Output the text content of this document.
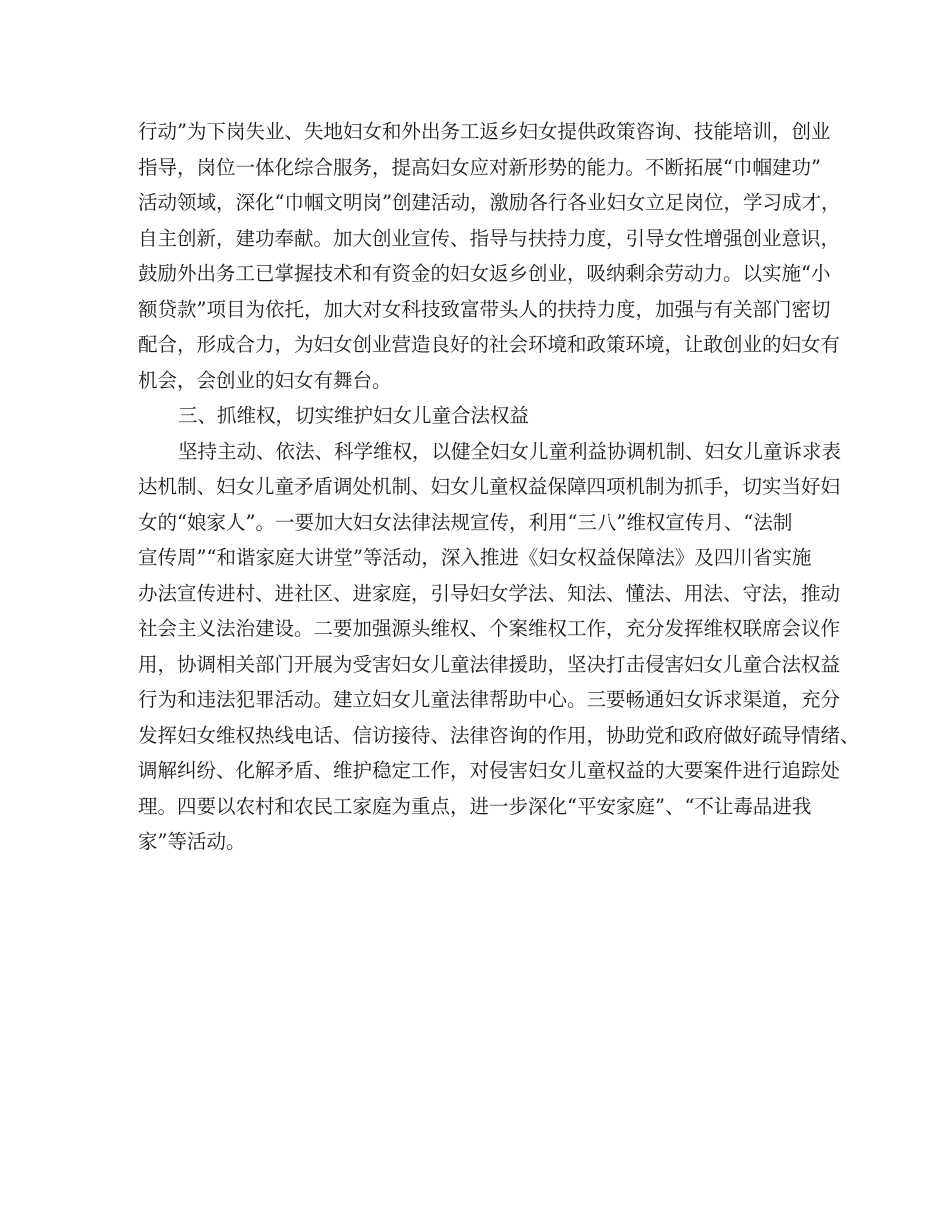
行动”为下岗失业、失地妇女和外出务工返乡妇女提供政策咨询、技能培训，创业
指导，岗位一体化综合服务，提高妇女应对新形势的能力。不断拓展“巾帼建功”
活动领域，深化“巾帼文明岗”创建活动，激励各行各业妇女立足岗位，学习成才，
自主创新，建功奉献。加大创业宣传、指导与扶持力度，引导女性增强创业意识，
鼓励外出务工已掌握技术和有资金的妇女返乡创业，吸纳剩余劳动力。以实施“小
额贷款”项目为依托，加大对女科技致富带头人的扶持力度，加强与有关部门密切
配合，形成合力，为妇女创业营造良好的社会环境和政策环境，让敢创业的妇女有
机会，会创业的妇女有舞台。
三、抓维权，切实维护妇女儿童合法权益
坚持主动、依法、科学维权，以健全妇女儿童利益协调机制、妇女儿童诉求表
达机制、妇女儿童矛盾调处机制、妇女儿童权益保障四项机制为抓手，切实当好妇
女的“娘家人”。一要加大妇女法律法规宣传，利用“三八”维权宣传月、“法制
宣传周”“和谐家庭大讲堂”等活动，深入推进《妇女权益保障法》及四川省实施
办法宣传进村、进社区、进家庭，引导妇女学法、知法、懂法、用法、守法，推动
社会主义法治建设。二要加强源头维权、个案维权工作，充分发挥维权联席会议作
用，协调相关部门开展为受害妇女儿童法律援助，坚决打击侵害妇女儿童合法权益
行为和违法犯罪活动。建立妇女儿童法律帮助中心。三要畅通妇女诉求渠道，充分
发挥妇女维权热线电话、信访接待、法律咨询的作用，协助党和政府做好疏导情绪、
调解纠纷、化解矛盾、维护稳定工作，对侵害妇女儿童权益的大要案件进行追踪处
理。四要以农村和农民工家庭为重点，进一步深化“平安家庭”、“不让毒品进我
家”等活动。
